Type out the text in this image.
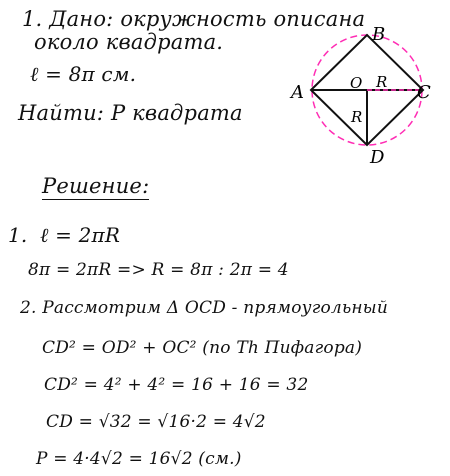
1. Дано: окружность описана
около квадрата.
ℓ = 8π см.
Найти: P квадрата
A
B
C
D
O R
R
Решение:
1. ℓ = 2πR
8π = 2πR => R = 8π : 2π = 4
2. Рассмотрим Δ OCD - прямоугольный
CD² = OD² + OC² (по Th Пифагора)
CD² = 4² + 4² = 16 + 16 = 32
CD = √32 = √16·2 = 4√2
P = 4·4√2 = 16√2 (см.)
